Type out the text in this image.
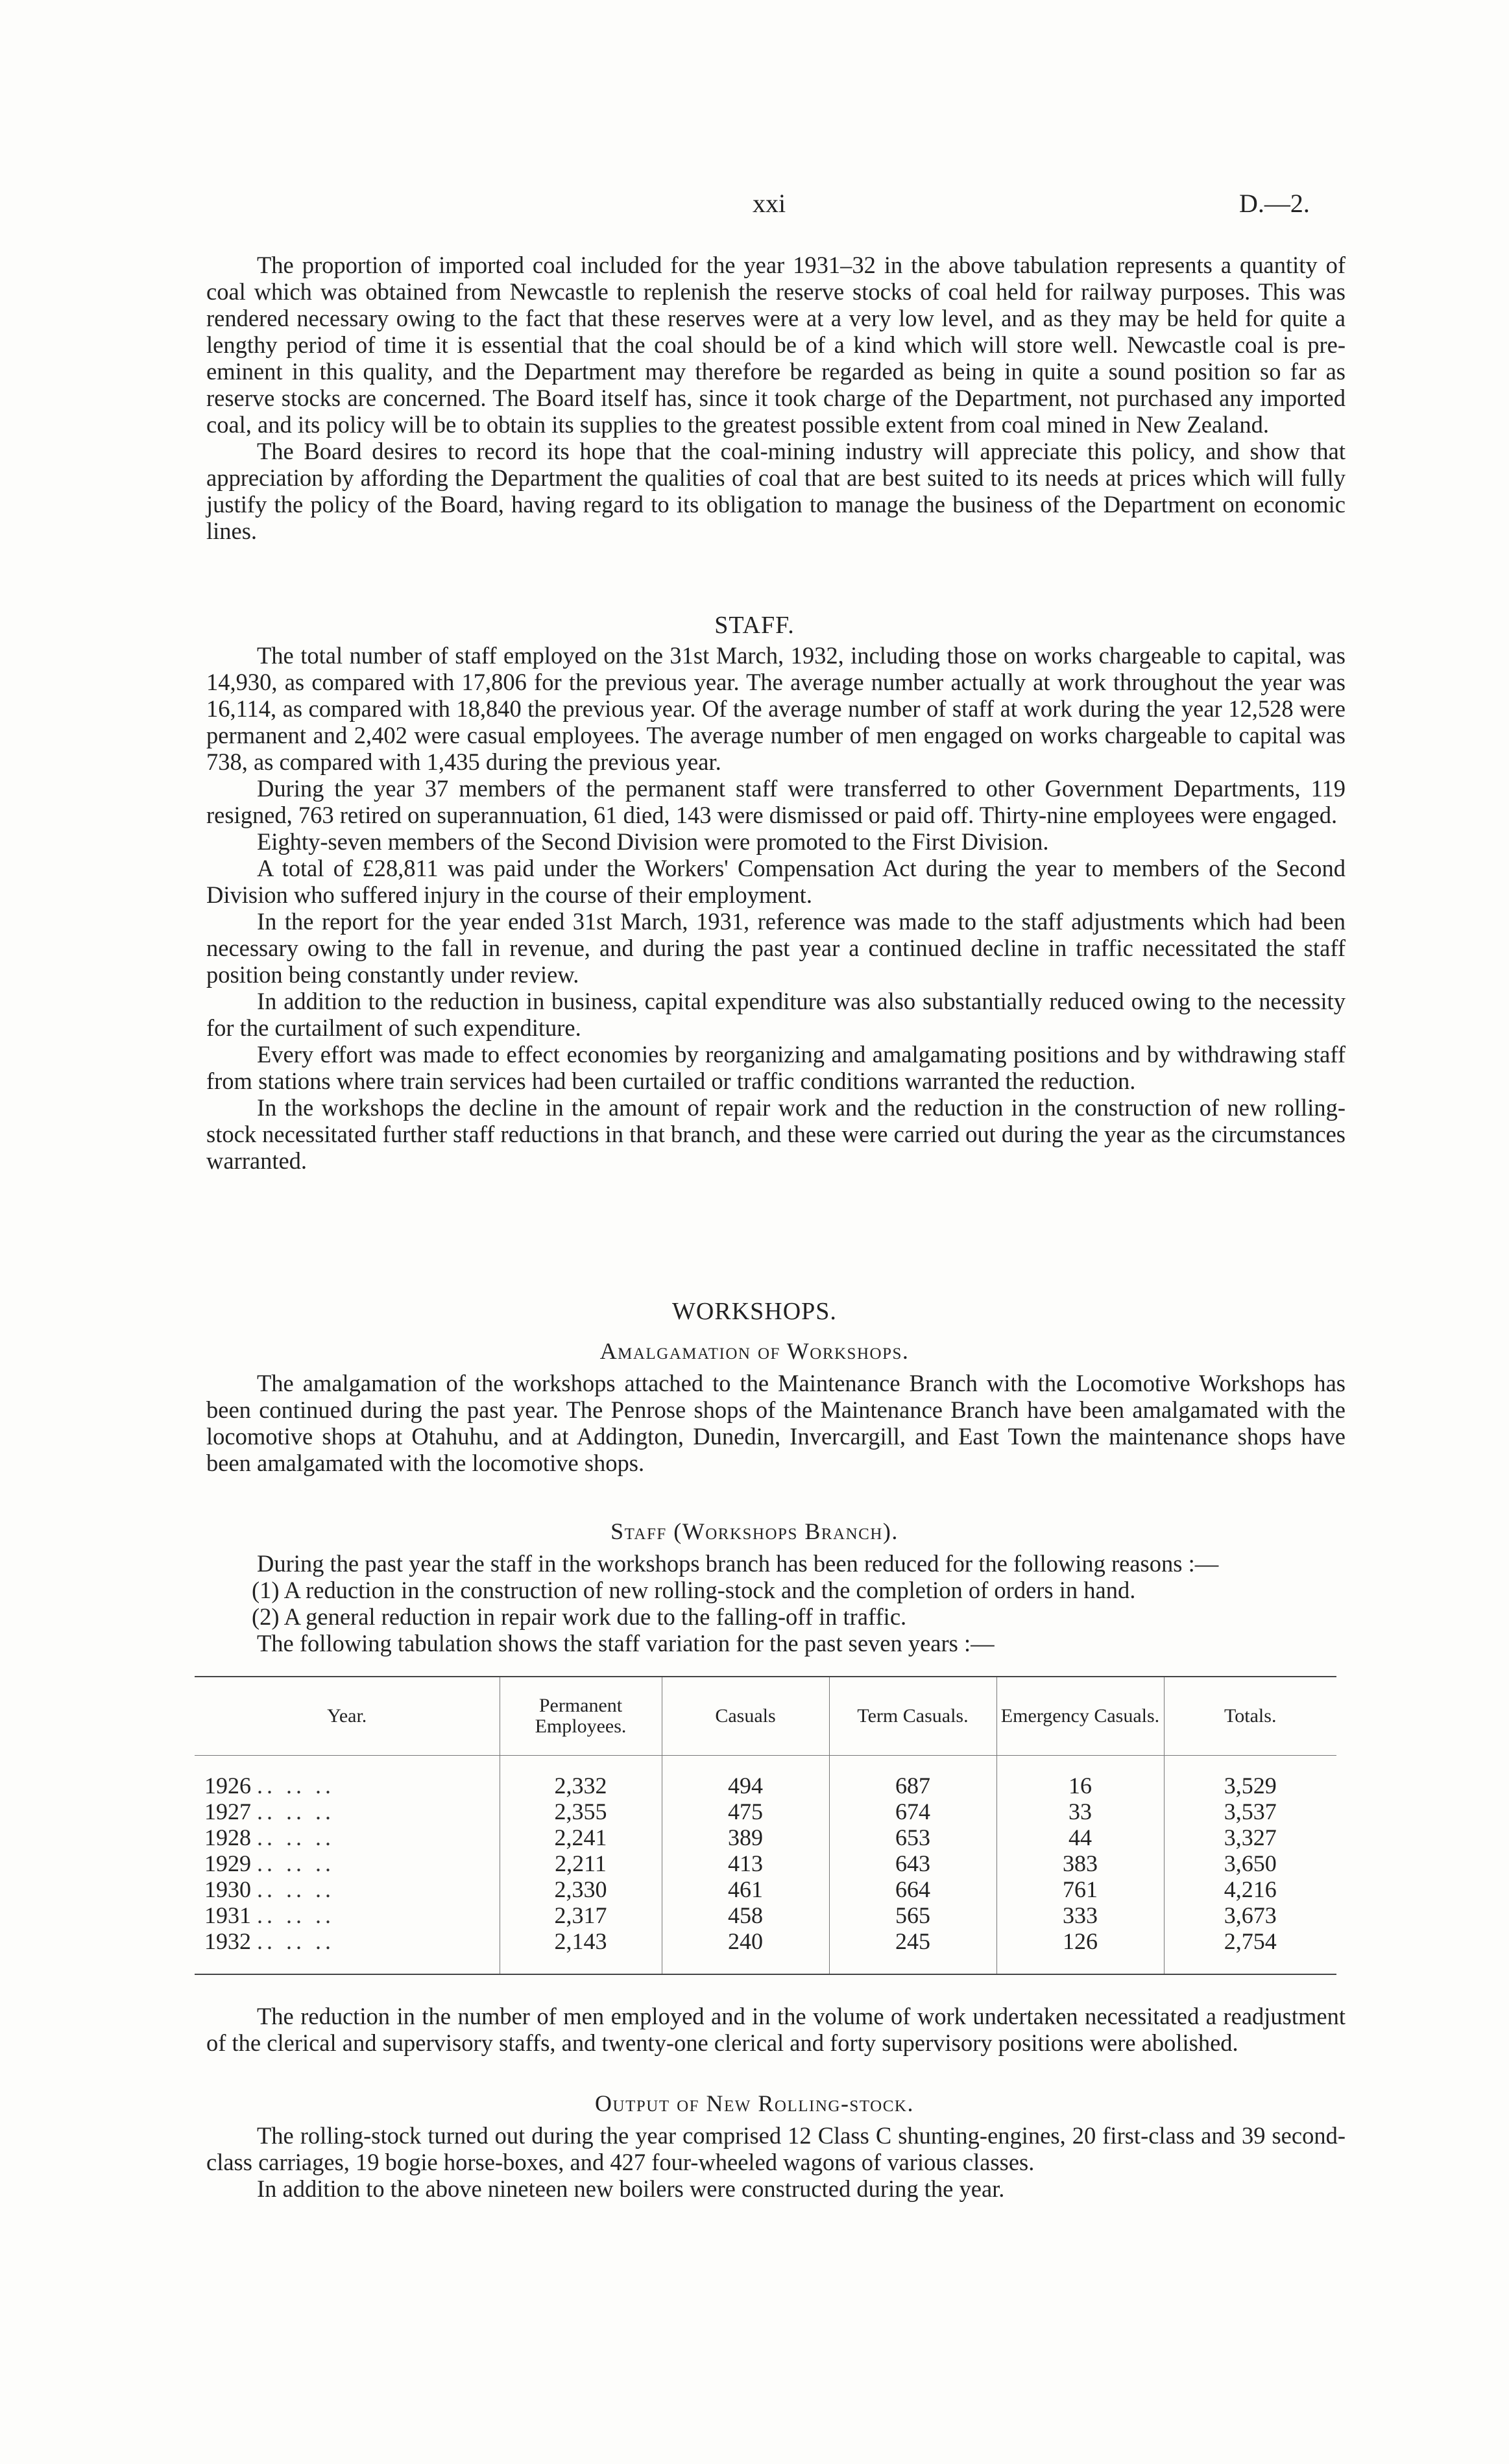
xxi	D.—2.

The proportion of imported coal included for the year 1931–32 in the above tabulation represents a quantity of coal which was obtained from Newcastle to replenish the reserve stocks of coal held for railway purposes. This was rendered necessary owing to the fact that these reserves were at a very low level, and as they may be held for quite a lengthy period of time it is essential that the coal should be of a kind which will store well. Newcastle coal is pre-eminent in this quality, and the Department may therefore be regarded as being in quite a sound position so far as reserve stocks are concerned. The Board itself has, since it took charge of the Department, not purchased any imported coal, and its policy will be to obtain its supplies to the greatest possible extent from coal mined in New Zealand.

The Board desires to record its hope that the coal-mining industry will appreciate this policy, and show that appreciation by affording the Department the qualities of coal that are best suited to its needs at prices which will fully justify the policy of the Board, having regard to its obligation to manage the business of the Department on economic lines.

STAFF.

The total number of staff employed on the 31st March, 1932, including those on works chargeable to capital, was 14,930, as compared with 17,806 for the previous year. The average number actually at work throughout the year was 16,114, as compared with 18,840 the previous year. Of the average number of staff at work during the year 12,528 were permanent and 2,402 were casual employees. The average number of men engaged on works chargeable to capital was 738, as compared with 1,435 during the previous year.

During the year 37 members of the permanent staff were transferred to other Government Departments, 119 resigned, 763 retired on superannuation, 61 died, 143 were dismissed or paid off. Thirty-nine employees were engaged.

Eighty-seven members of the Second Division were promoted to the First Division.

A total of £28,811 was paid under the Workers' Compensation Act during the year to members of the Second Division who suffered injury in the course of their employment.

In the report for the year ended 31st March, 1931, reference was made to the staff adjustments which had been necessary owing to the fall in revenue, and during the past year a continued decline in traffic necessitated the staff position being constantly under review.

In addition to the reduction in business, capital expenditure was also substantially reduced owing to the necessity for the curtailment of such expenditure.

Every effort was made to effect economies by reorganizing and amalgamating positions and by withdrawing staff from stations where train services had been curtailed or traffic conditions warranted the reduction.

In the workshops the decline in the amount of repair work and the reduction in the construction of new rolling-stock necessitated further staff reductions in that branch, and these were carried out during the year as the circumstances warranted.

WORKSHOPS.
Amalgamation of Workshops.

The amalgamation of the workshops attached to the Maintenance Branch with the Locomotive Workshops has been continued during the past year. The Penrose shops of the Maintenance Branch have been amalgamated with the locomotive shops at Otahuhu, and at Addington, Dunedin, Invercargill, and East Town the maintenance shops have been amalgamated with the locomotive shops.

Staff (Workshops Branch).

During the past year the staff in the workshops branch has been reduced for the following reasons :—

(1) A reduction in the construction of new rolling-stock and the completion of orders in hand.
(2) A general reduction in repair work due to the falling-off in traffic.

The following tabulation shows the staff variation for the past seven years :—

Year.	Permanent Employees.	Casuals	Term Casuals.	Emergency Casuals.	Totals.

1926 .. .. ..	2,332	494	687	16	3,529
1927 .. .. ..	2,355	475	674	33	3,537
1928 .. .. ..	2,241	389	653	44	3,327
1929 .. .. ..	2,211	413	643	383	3,650
1930 .. .. ..	2,330	461	664	761	4,216
1931 .. .. ..	2,317	458	565	333	3,673
1932 .. .. ..	2,143	240	245	126	2,754

The reduction in the number of men employed and in the volume of work undertaken necessitated a readjustment of the clerical and supervisory staffs, and twenty-one clerical and forty supervisory positions were abolished.

Output of New Rolling-stock.

The rolling-stock turned out during the year comprised 12 Class C shunting-engines, 20 first-class and 39 second-class carriages, 19 bogie horse-boxes, and 427 four-wheeled wagons of various classes.

In addition to the above nineteen new boilers were constructed during the year.
